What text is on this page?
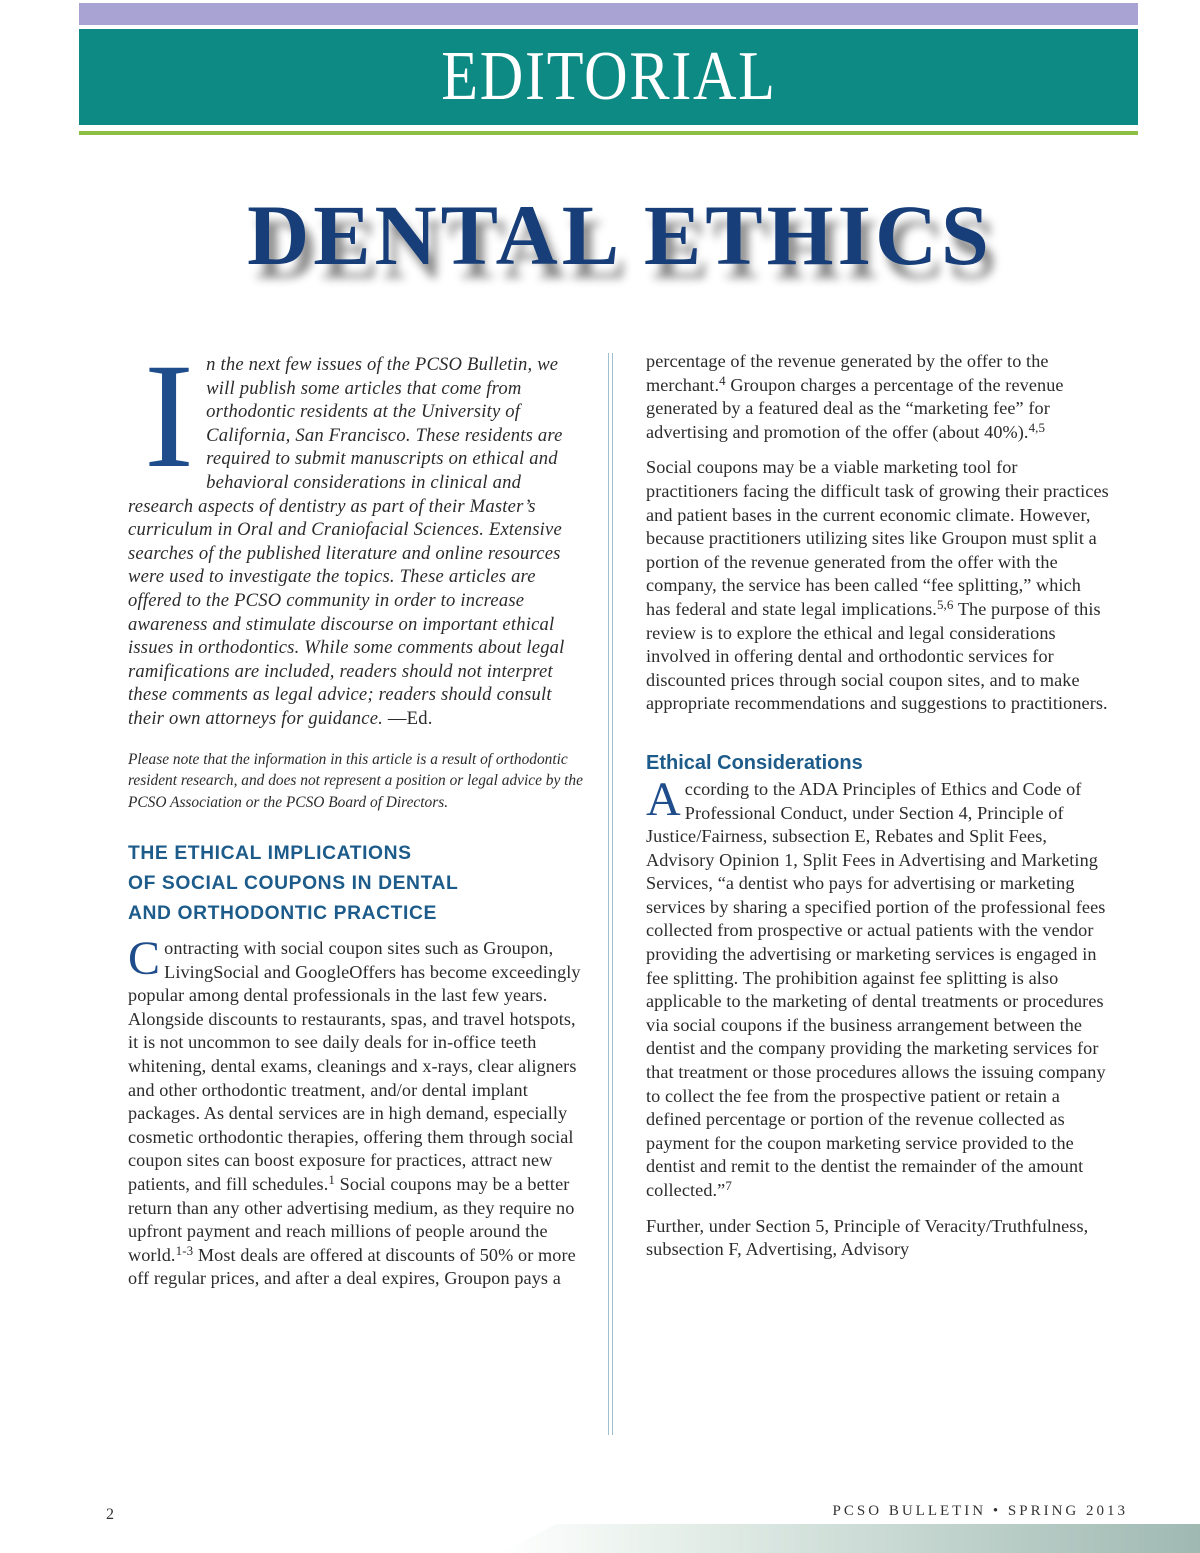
EDITORIAL
DENTAL ETHICS

In the next few issues of the PCSO Bulletin, we will publish some articles that come from orthodontic residents at the University of California, San Francisco. These residents are required to submit manuscripts on ethical and behavioral considerations in clinical and research aspects of dentistry as part of their Master’s curriculum in Oral and Craniofacial Sciences. Extensive searches of the published literature and online resources were used to investigate the topics. These articles are offered to the PCSO community in order to increase awareness and stimulate discourse on important ethical issues in orthodontics. While some comments about legal ramifications are included, readers should not interpret these comments as legal advice; readers should consult their own attorneys for guidance. —Ed.

Please note that the information in this article is a result of orthodontic resident research, and does not represent a position or legal advice by the PCSO Association or the PCSO Board of Directors.

THE ETHICAL IMPLICATIONS
OF SOCIAL COUPONS IN DENTAL
AND ORTHODONTIC PRACTICE

Contracting with social coupon sites such as Groupon, LivingSocial and GoogleOffers has become exceedingly popular among dental professionals in the last few years. Alongside discounts to restaurants, spas, and travel hotspots, it is not uncommon to see daily deals for in-office teeth whitening, dental exams, cleanings and x-rays, clear aligners and other orthodontic treatment, and/or dental implant packages. As dental services are in high demand, especially cosmetic orthodontic therapies, offering them through social coupon sites can boost exposure for practices, attract new patients, and fill schedules.$^1$ Social coupons may be a better return than any other advertising medium, as they require no upfront payment and reach millions of people around the world.$^{1-3}$ Most deals are offered at discounts of 50% or more off regular prices, and after a deal expires, Groupon pays a

percentage of the revenue generated by the offer to the merchant.$^4$ Groupon charges a percentage of the revenue generated by a featured deal as the “marketing fee” for advertising and promotion of the offer (about 40%).$^{4,5}$

Social coupons may be a viable marketing tool for practitioners facing the difficult task of growing their practices and patient bases in the current economic climate. However, because practitioners utilizing sites like Groupon must split a portion of the revenue generated from the offer with the company, the service has been called “fee splitting,” which has federal and state legal implications.$^{5,6}$ The purpose of this review is to explore the ethical and legal considerations involved in offering dental and orthodontic services for discounted prices through social coupon sites, and to make appropriate recommendations and suggestions to practitioners.

Ethical Considerations

According to the ADA Principles of Ethics and Code of Professional Conduct, under Section 4, Principle of Justice/Fairness, subsection E, Rebates and Split Fees, Advisory Opinion 1, Split Fees in Advertising and Marketing Services, “a dentist who pays for advertising or marketing services by sharing a specified portion of the professional fees collected from prospective or actual patients with the vendor providing the advertising or marketing services is engaged in fee splitting. The prohibition against fee splitting is also applicable to the marketing of dental treatments or procedures via social coupons if the business arrangement between the dentist and the company providing the marketing services for that treatment or those procedures allows the issuing company to collect the fee from the prospective patient or retain a defined percentage or portion of the revenue collected as payment for the coupon marketing service provided to the dentist and remit to the dentist the remainder of the amount collected.”$^7$

Further, under Section 5, Principle of Veracity/Truthfulness, subsection F, Advertising, Advisory

2	PCSO BULLETIN • SPRING 2013
